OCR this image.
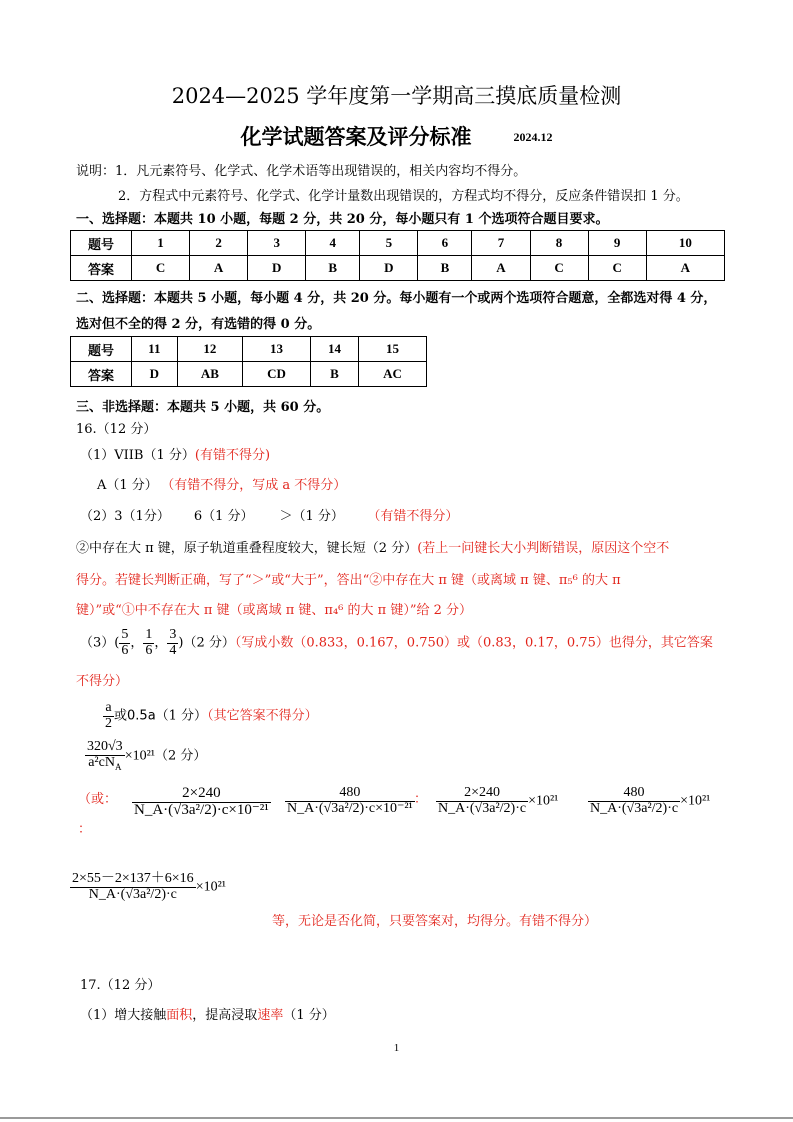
2024—2025 学年度第一学期高三摸底质量检测
化学试题答案及评分标准	2024.12
说明：1．凡元素符号、化学式、化学术语等出现错误的，相关内容均不得分。
2．方程式中元素符号、化学式、化学计量数出现错误的，方程式均不得分，反应条件错误扣 1 分。
一、选择题：本题共 10 小题，每题 2 分，共 20 分，每小题只有 1 个选项符合题目要求。
题号	1	2	3	4	5	6	7	8	9	10
答案	C	A	D	B	D	B	A	C	C	A
二、选择题：本题共 5 小题，每小题 4 分，共 20 分。每小题有一个或两个选项符合题意，全都选对得 4 分，
选对但不全的得 2 分，有选错的得 0 分。
题号	11	12	13	14	15
答案	D	AB	CD	B	AC
三、非选择题：本题共 5 小题，共 60 分。
16.（12 分）
（1）VIIB（1 分）(有错不得分)
A（1 分） （有错不得分，写成 a 不得分）
（2）3（1分） 6（1 分） ＞（1 分） （有错不得分）
②中存在大 π 键，原子轨道重叠程度较大，键长短（2 分）(若上一问键长大小判断错误，原因这个空不
得分。若键长判断正确，写了“＞”或“大于”，答出“②中存在大 π 键（或离域 π 键、π₅⁶ 的大 π
键）”或“①中不存在大 π 键（或离域 π 键、π₄⁶ 的大 π 键）”给 2 分）
$(3)( \frac{5}{6}$ ， $\frac{1}{6}$ ， $\frac{3}{4} )(2$ 分）（写成小数（0.833，0.167，0.750）或（0.83，0.17，0.75）也得分，其它答案
不得分）
$\frac{a}{2}$ 或0.5a（1 分）（其它答案不得分）
$\frac{320√3}{a^2cN_A} \times 10^{21}(2$ 分）
（或：
：
$\frac{2\times 240}{\text{N\_A·(√3a²/2)·c×10⁻²¹}} \frac{480}{\text{N\_A·(√3a²/2)·c×10⁻²¹}}$ ： $\frac{2\times 240}{\text{N\_A·(√3a²/2)·c}} \times 10^{21} \frac{480}{\text{N\_A·(√3a²/2)·c}} \times 10^{21}$
$\frac{2\times 55-2\times 137+6\times 16}{\text{N\_A·(√3a²/2)·c}} \times 10^{21}$
等，无论是否化简，只要答案对，均得分。有错不得分）
17.（12 分）
（1）增大接触面积，提高浸取速率（1 分）
1
